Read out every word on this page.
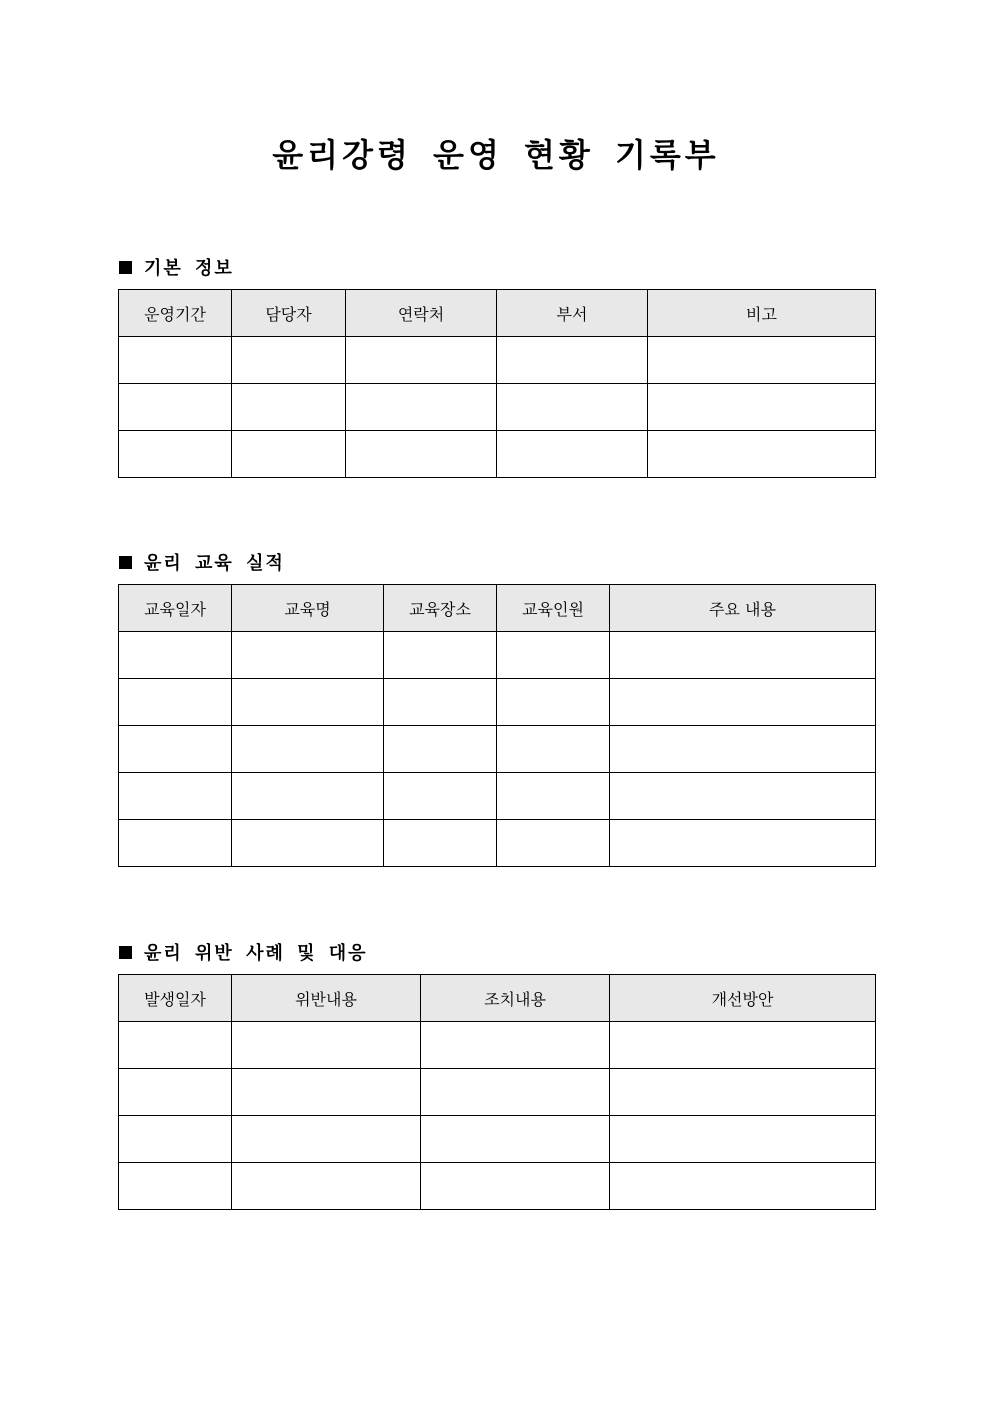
윤리강령 운영 현황 기록부
기본 정보
운영기간	담당자	연락처	부서	비고

윤리 교육 실적
교육일자	교육명	교육장소	교육인원	주요 내용

윤리 위반 사례 및 대응
발생일자	위반내용	조치내용	개선방안
